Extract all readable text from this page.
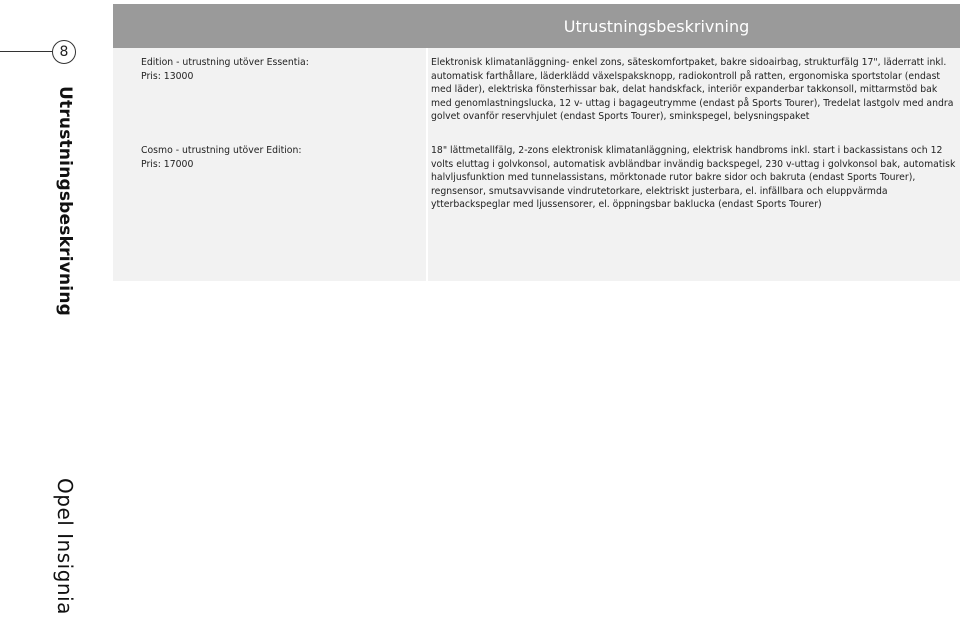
8
Utrustningsbeskrivning
Opel Insignia
Utrustningsbeskrivning
Edition - utrustning utöver Essentia:
Pris: 13000
Elektronisk klimatanläggning- enkel zons, säteskomfortpaket, bakre sidoairbag, strukturfälg 17", läderratt inkl. automatisk farthållare, läderklädd växelspaksknopp, radiokontroll på ratten, ergonomiska sportstolar (endast med läder), elektriska fönsterhissar bak, delat handskfack, interiör expanderbar takkonsoll, mittarmstöd bak med genomlastningslucka, 12 v- uttag i bagageutrymme (endast på Sports Tourer), Tredelat lastgolv med andra golvet ovanför reservhjulet (endast Sports Tourer), sminkspegel, belysningspaket
Cosmo - utrustning utöver Edition:
Pris: 17000
18" lättmetallfälg, 2-zons elektronisk klimatanläggning, elektrisk handbroms inkl. start i backassistans och 12 volts eluttag i golvkonsol, automatisk avbländbar invändig backspegel, 230 v-uttag i golvkonsol bak, automatisk halvljusfunktion med tunnelassistans, mörktonade rutor bakre sidor och bakruta (endast Sports Tourer), regnsensor, smutsavvisande vindrutetorkare, elektriskt justerbara, el. infällbara och eluppvärmda ytterbackspeglar med ljussensorer, el. öppningsbar baklucka (endast Sports Tourer)
